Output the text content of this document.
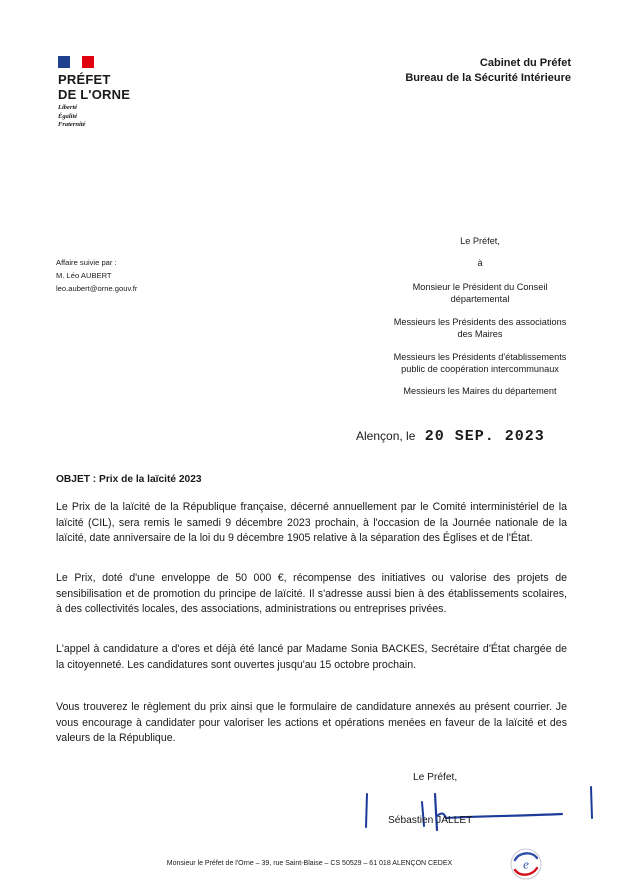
PRÉFET
DE L'ORNE
Liberté
Égalité
Fraternité
Cabinet du Préfet
Bureau de la Sécurité Intérieure
Affaire suivie par :
M. Léo AUBERT
leo.aubert@orne.gouv.fr
Le Préfet,
à
Monsieur le Président du Conseil
départemental
Messieurs les Présidents des associations
des Maires
Messieurs les Présidents d'établissements
public de coopération intercommunaux
Messieurs les Maires du département
Alençon, le 20 SEP. 2023
OBJET : Prix de la laïcité 2023
Le Prix de la laïcité de la République française, décerné annuellement par le Comité interministériel de la laïcité (CIL), sera remis le samedi 9 décembre 2023 prochain, à l'occasion de la Journée nationale de la laïcité, date anniversaire de la loi du 9 décembre 1905 relative à la séparation des Églises et de l'État.
Le Prix, doté d'une enveloppe de 50 000 €, récompense des initiatives ou valorise des projets de sensibilisation et de promotion du principe de laïcité. Il s'adresse aussi bien à des établissements scolaires, à des collectivités locales, des associations, administrations ou entreprises privées.
L'appel à candidature a d'ores et déjà été lancé par Madame Sonia BACKES, Secrétaire d'État chargée de la citoyenneté. Les candidatures sont ouvertes jusqu'au 15 octobre prochain.
Vous trouverez le règlement du prix ainsi que le formulaire de candidature annexés au présent courrier. Je vous encourage à candidater pour valoriser les actions et opérations menées en faveur de la laïcité et des valeurs de la République.
Le Préfet,
Sébastien JALLET
Monsieur le Préfet de l'Orne – 39, rue Saint-Blaise – CS 50529 – 61 018 ALENÇON CEDEX	e
